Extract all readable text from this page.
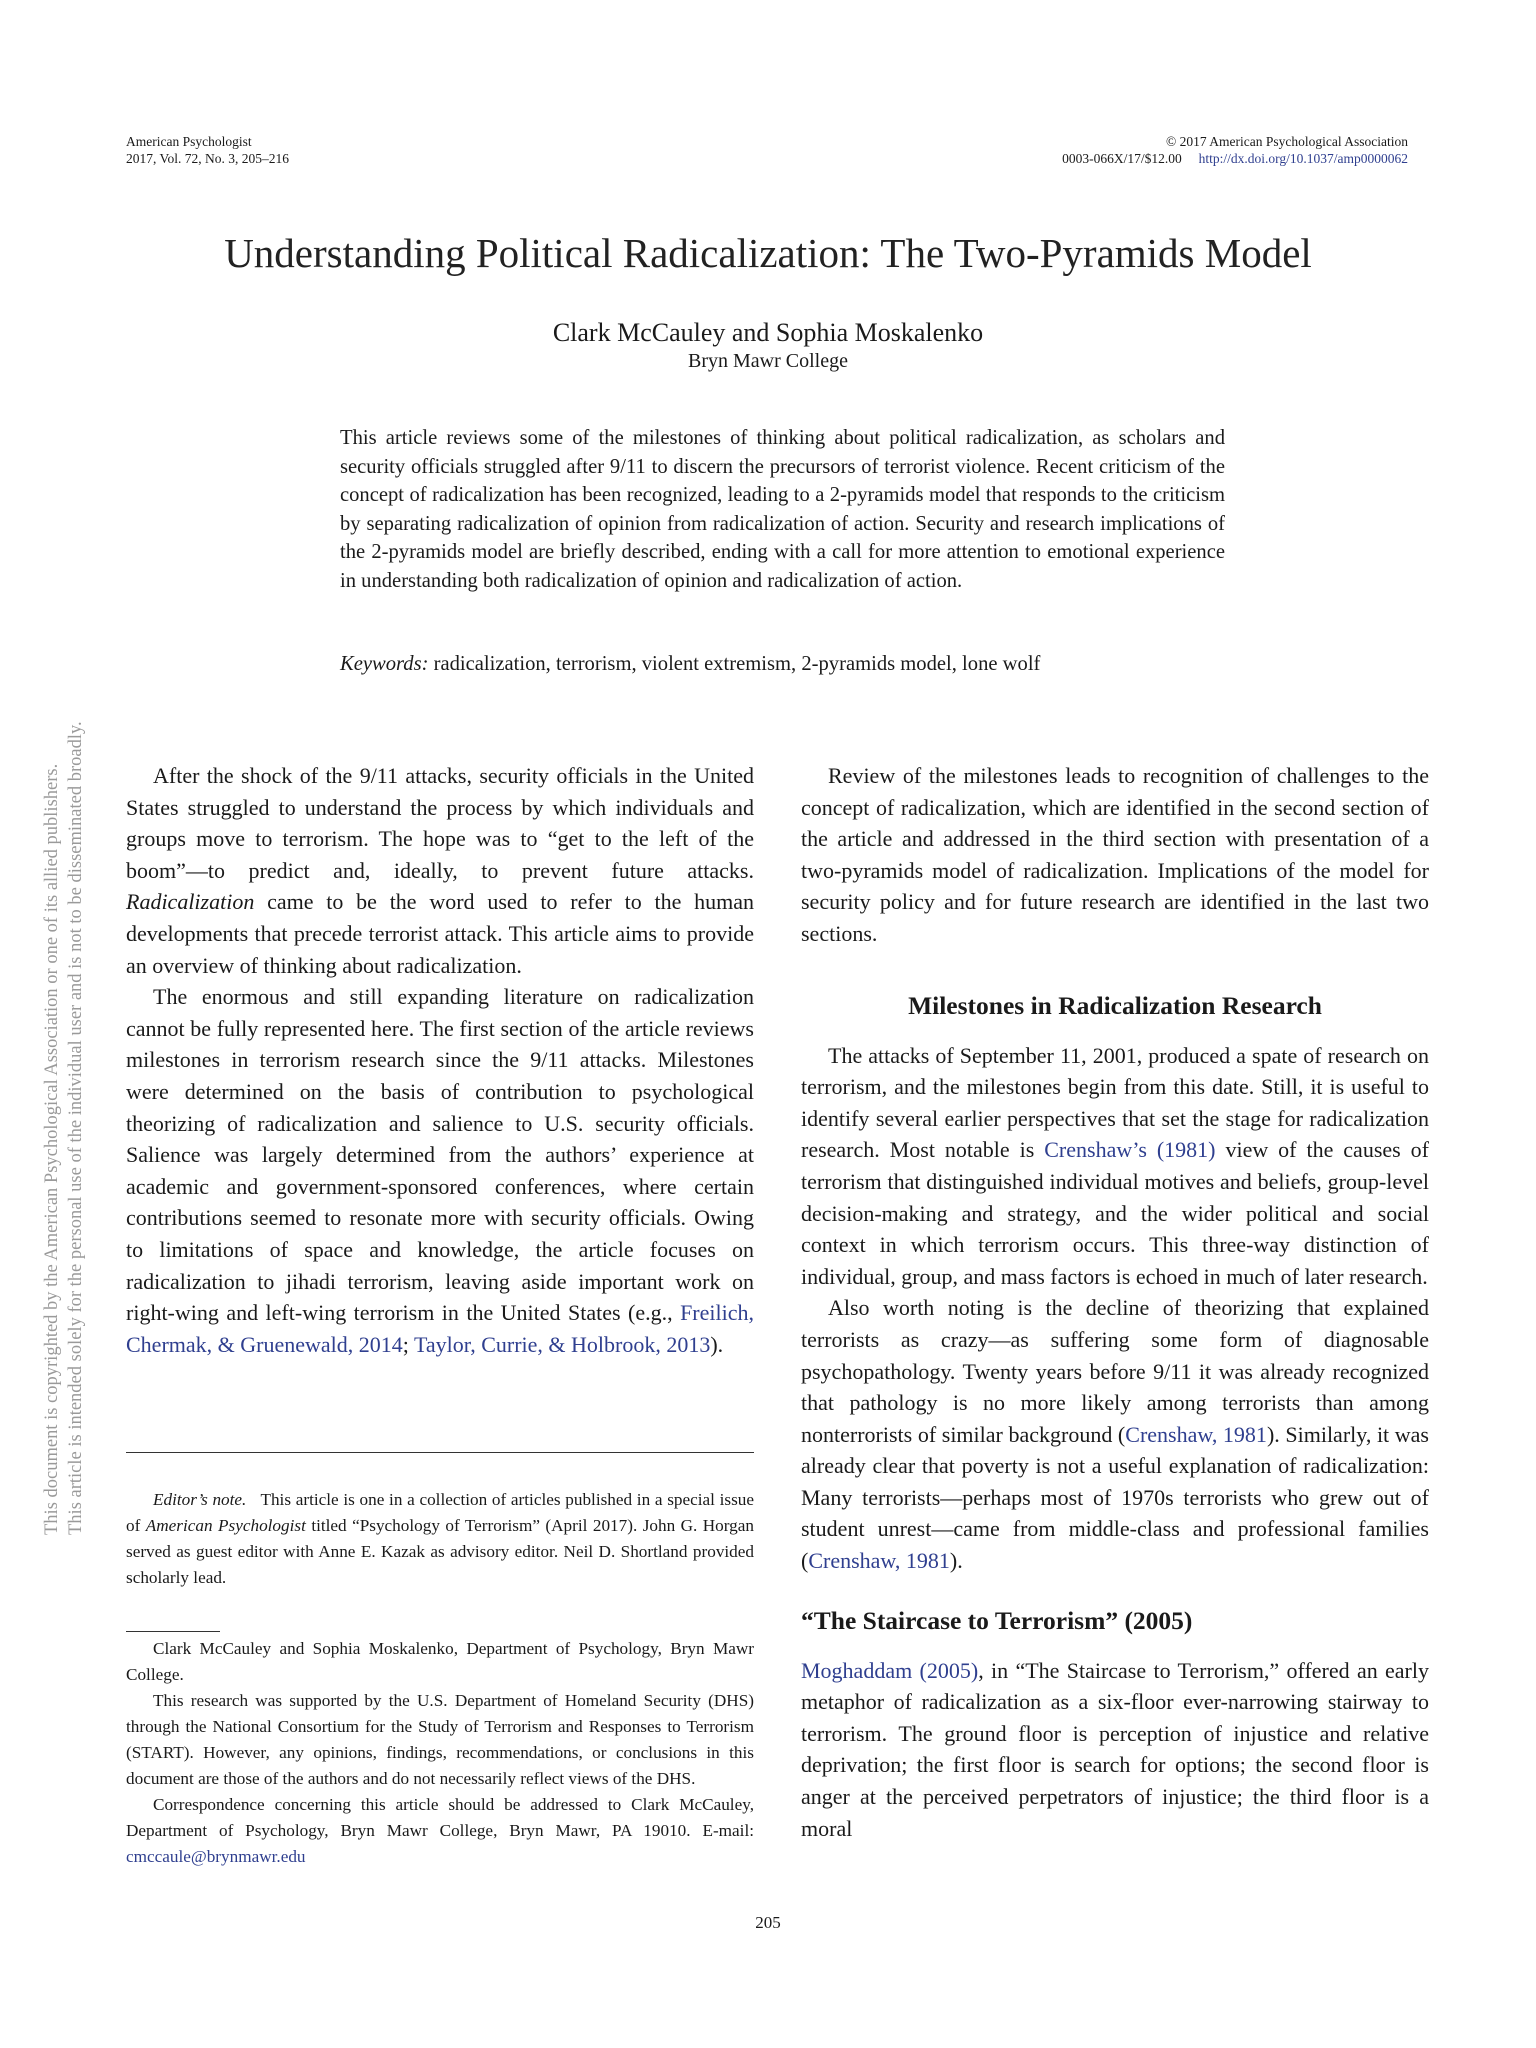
American Psychologist
2017, Vol. 72, No. 3, 205–216
© 2017 American Psychological Association
0003-066X/17/$12.00 http://dx.doi.org/10.1037/amp0000062
Understanding Political Radicalization: The Two-Pyramids Model
Clark McCauley and Sophia Moskalenko
Bryn Mawr College

This article reviews some of the milestones of thinking about political radicalization, as scholars and security officials struggled after 9/11 to discern the precursors of terrorist violence. Recent criticism of the concept of radicalization has been recognized, leading to a 2-pyramids model that responds to the criticism by separating radicalization of opinion from radicalization of action. Security and research implications of the 2-pyramids model are briefly described, ending with a call for more attention to emotional experience in understanding both radicalization of opinion and radicalization of action.

Keywords: radicalization, terrorism, violent extremism, 2-pyramids model, lone wolf

This document is copyrighted by the American Psychological Association or one of its allied publishers. This article is intended solely for the personal use of the individual user and is not to be disseminated broadly.	After the shock of the 9/11 attacks, security officials in the United States struggled to understand the process by which individuals and groups move to terrorism. The hope was to “get to the left of the boom”—to predict and, ideally, to prevent future attacks. Radicalization came to be the word used to refer to the human developments that precede terrorist attack. This article aims to provide an overview of thinking about radicalization.

The enormous and still expanding literature on radicalization cannot be fully represented here. The first section of the article reviews milestones in terrorism research since the 9/11 attacks. Milestones were determined on the basis of contribution to psychological theorizing of radicalization and salience to U.S. security officials. Salience was largely determined from the authors’ experience at academic and government-sponsored conferences, where certain contributions seemed to resonate more with security officials. Owing to limitations of space and knowledge, the article focuses on radicalization to jihadi terrorism, leaving aside important work on right-wing and left-wing terrorism in the United States (e.g., Freilich, Chermak, & Gruenewald, 2014; Taylor, Currie, & Holbrook, 2013).

Editor’s note. This article is one in a collection of articles published in a special issue of American Psychologist titled “Psychology of Terrorism” (April 2017). John G. Horgan served as guest editor with Anne E. Kazak as advisory editor. Neil D. Shortland provided scholarly lead.

Clark McCauley and Sophia Moskalenko, Department of Psychology, Bryn Mawr College.

This research was supported by the U.S. Department of Homeland Security (DHS) through the National Consortium for the Study of Terrorism and Responses to Terrorism (START). However, any opinions, findings, recommendations, or conclusions in this document are those of the authors and do not necessarily reflect views of the DHS.

Correspondence concerning this article should be addressed to Clark McCauley, Department of Psychology, Bryn Mawr College, Bryn Mawr, PA 19010. E-mail: cmccaule@brynmawr.edu

Review of the milestones leads to recognition of challenges to the concept of radicalization, which are identified in the second section of the article and addressed in the third section with presentation of a two-pyramids model of radicalization. Implications of the model for security policy and for future research are identified in the last two sections.

Milestones in Radicalization Research

The attacks of September 11, 2001, produced a spate of research on terrorism, and the milestones begin from this date. Still, it is useful to identify several earlier perspectives that set the stage for radicalization research. Most notable is Crenshaw’s (1981) view of the causes of terrorism that distinguished individual motives and beliefs, group-level decision-making and strategy, and the wider political and social context in which terrorism occurs. This three-way distinction of individual, group, and mass factors is echoed in much of later research.

Also worth noting is the decline of theorizing that explained terrorists as crazy—as suffering some form of diagnosable psychopathology. Twenty years before 9/11 it was already recognized that pathology is no more likely among terrorists than among nonterrorists of similar background (Crenshaw, 1981). Similarly, it was already clear that poverty is not a useful explanation of radicalization: Many terrorists—perhaps most of 1970s terrorists who grew out of student unrest—came from middle-class and professional families (Crenshaw, 1981).

“The Staircase to Terrorism” (2005)

Moghaddam (2005), in “The Staircase to Terrorism,” offered an early metaphor of radicalization as a six-floor ever-narrowing stairway to terrorism. The ground floor is perception of injustice and relative deprivation; the first floor is search for options; the second floor is anger at the perceived perpetrators of injustice; the third floor is a moral

205
